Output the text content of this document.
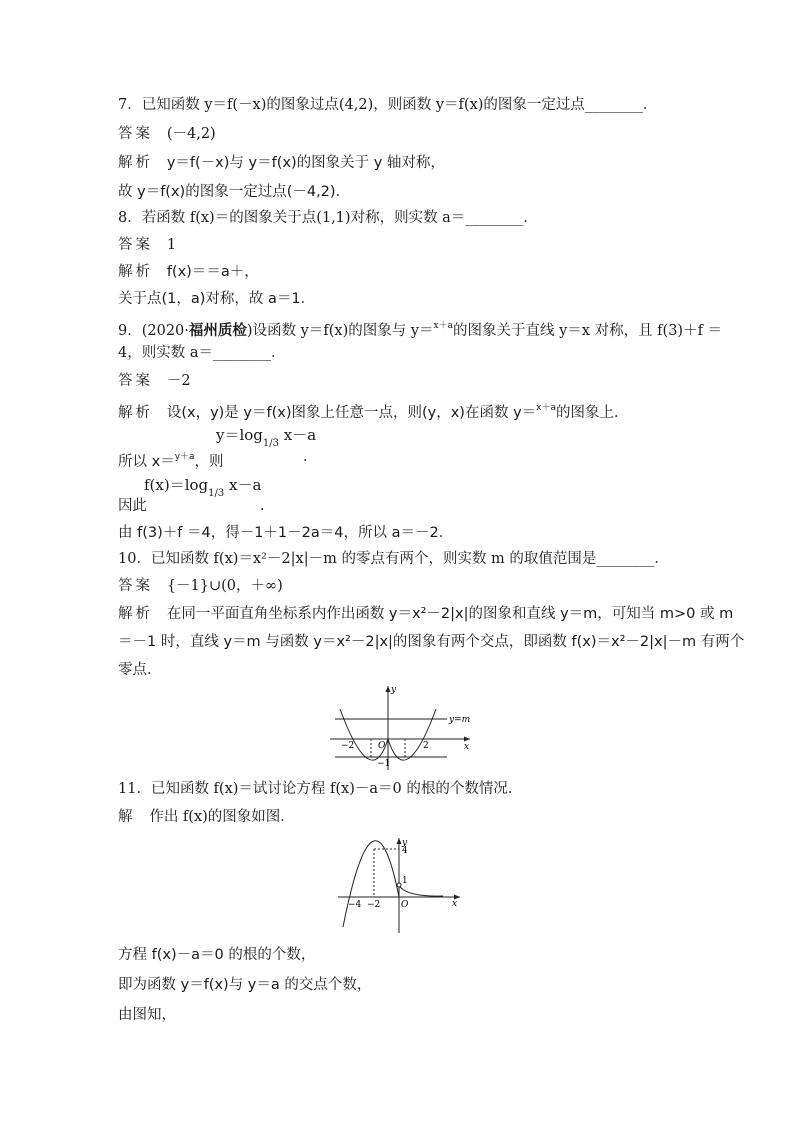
7．已知函数 y＝f(－x)的图象过点(4,2)，则函数 y＝f(x)的图象一定过点________．
答案 (－4,2)
解析 y＝f(－x)与 y＝f(x)的图象关于 y 轴对称，
故 y＝f(x)的图象一定过点(－4,2)．
8．若函数 f(x)＝的图象关于点(1,1)对称，则实数 a＝________．
答案 1
解析 f(x)＝＝a＋，
关于点(1，a)对称，故 a＝1．
9．(2020·福州质检)设函数 y＝f(x)的图象与 y＝$^{x+a}$的图象关于直线 y＝x 对称，且 f(3)＋f ＝
4，则实数 a＝________．
答案 －2
解析 设(x，y)是 y＝f(x)图象上任意一点，则(y，x)在函数 y＝$^{x+a}$的图象上．
$y=\log_{1/3}$ x－a
所以 x＝$^{y+a}$，则	.
$f(x)=\log_{1/3}$ x－a
因此	.
由 f(3)＋f ＝4，得－1＋1－2a＝4，所以 a＝－2．
10．已知函数 f(x)＝x²－2|x|－m 的零点有两个，则实数 m 的取值范围是________．
答案 {－1}∪(0，＋∞)
解析 在同一平面直角坐标系内作出函数 y＝x²－2|x|的图象和直线 y＝m，可知当 m>0 或 m
＝－1 时，直线 y＝m 与函数 y＝x²－2|x|的图象有两个交点，即函数 f(x)＝x²－2|x|－m 有两个
零点．
y
x
y=m
−2	O	2
−1
11．已知函数 f(x)＝试讨论方程 f(x)－a＝0 的根的个数情况．
解 作出 f(x)的图象如图．
y
x
−4 −2 O
4
1
方程 f(x)－a＝0 的根的个数，
即为函数 y＝f(x)与 y＝a 的交点个数，
由图知，
